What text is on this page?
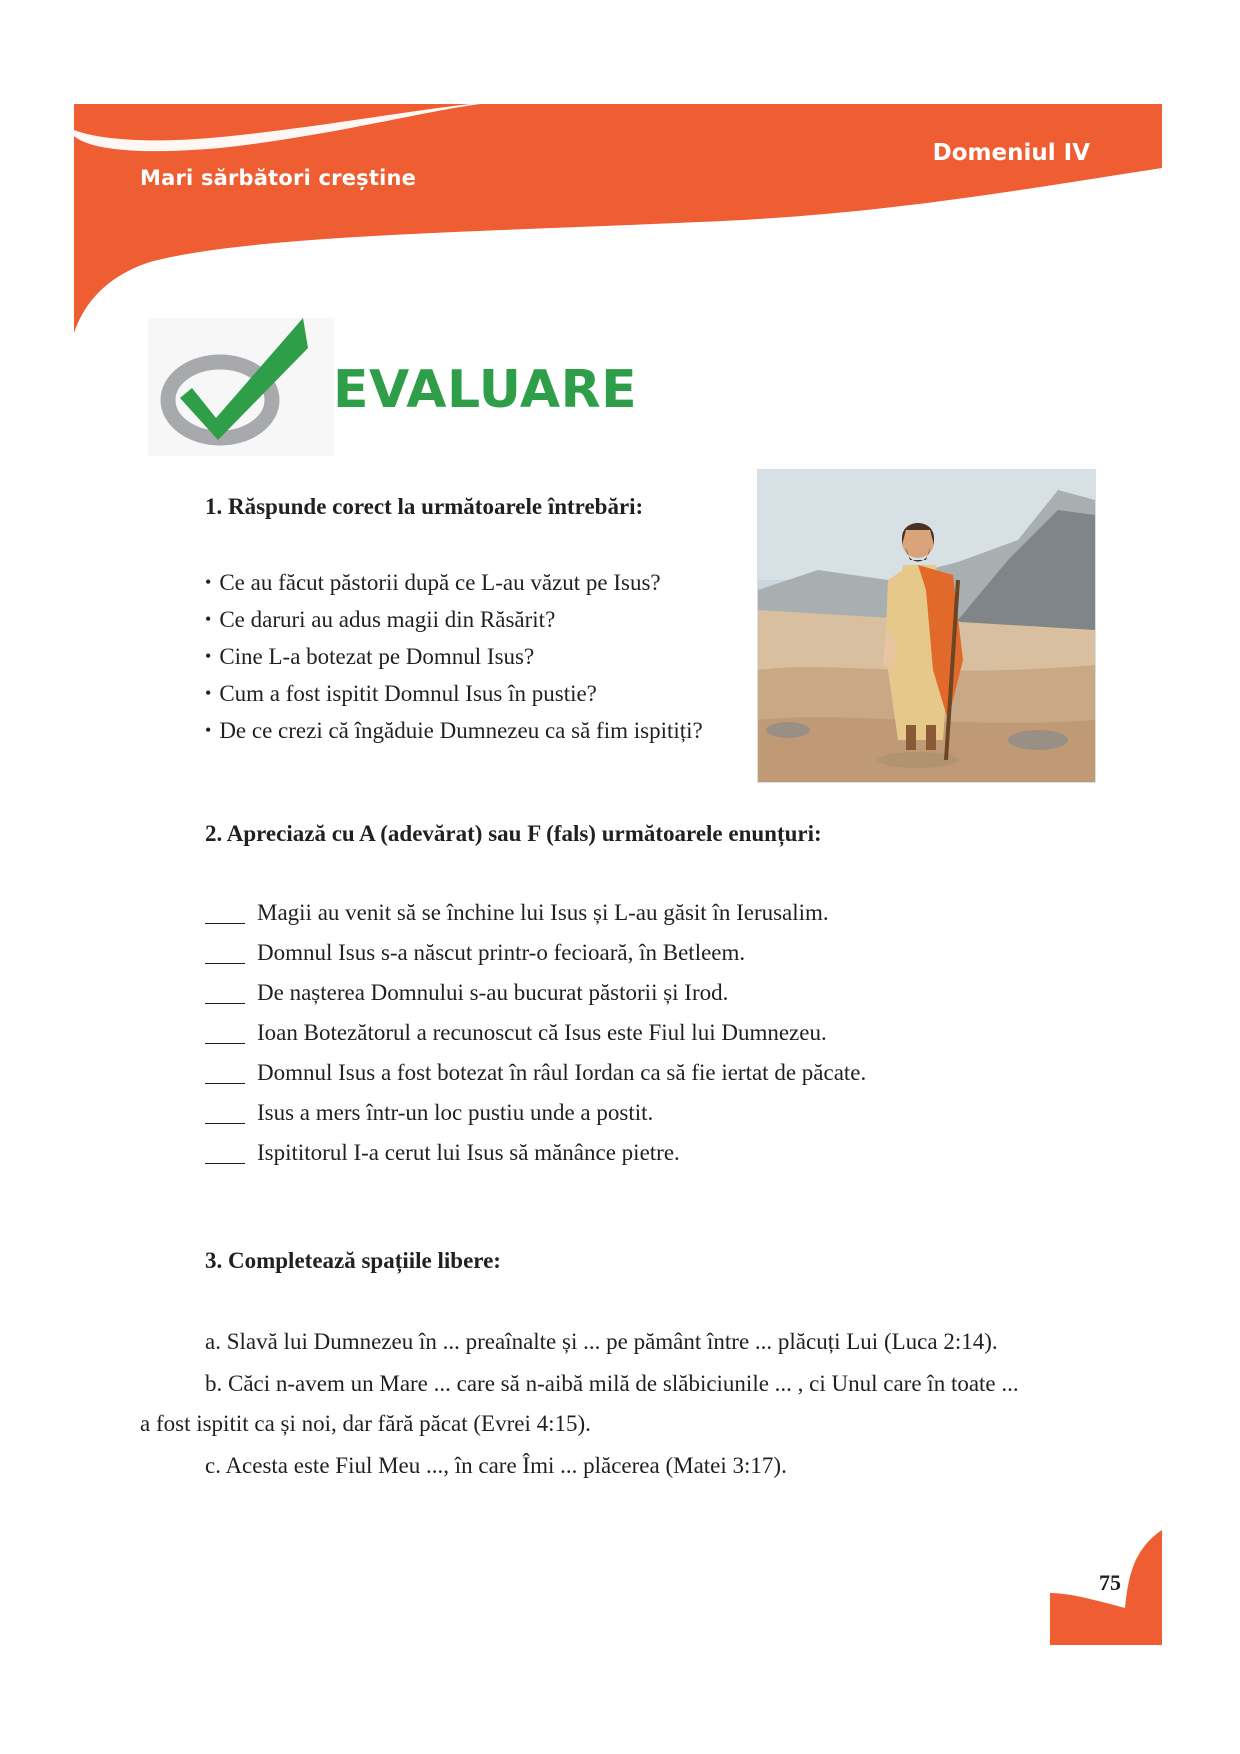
Mari sărbători creștine
Domeniul IV
EVALUARE
1. Răspunde corect la următoarele întrebări:
• Ce au făcut păstorii după ce L-au văzut pe Isus?
• Ce daruri au adus magii din Răsărit?
• Cine L-a botezat pe Domnul Isus?
• Cum a fost ispitit Domnul Isus în pustie?
• De ce crezi că îngăduie Dumnezeu ca să fim ispitiți?
2. Apreciază cu A (adevărat) sau F (fals) următoarele enunțuri:
Magii au venit să se închine lui Isus și L-au găsit în Ierusalim.
Domnul Isus s-a născut printr-o fecioară, în Betleem.
De nașterea Domnului s-au bucurat păstorii și Irod.
Ioan Botezătorul a recunoscut că Isus este Fiul lui Dumnezeu.
Domnul Isus a fost botezat în râul Iordan ca să fie iertat de păcate.
Isus a mers într-un loc pustiu unde a postit.
Ispititorul I-a cerut lui Isus să mănânce pietre.
3. Completează spațiile libere:
a. Slavă lui Dumnezeu în ... preaînalte și ... pe pământ între ... plăcuți Lui (Luca 2:14).
b. Căci n-avem un Mare ... care să n-aibă milă de slăbiciunile ... , ci Unul care în toate ...
a fost ispitit ca și noi, dar fără păcat (Evrei 4:15).
c. Acesta este Fiul Meu ..., în care Îmi ... plăcerea (Matei 3:17).
75
